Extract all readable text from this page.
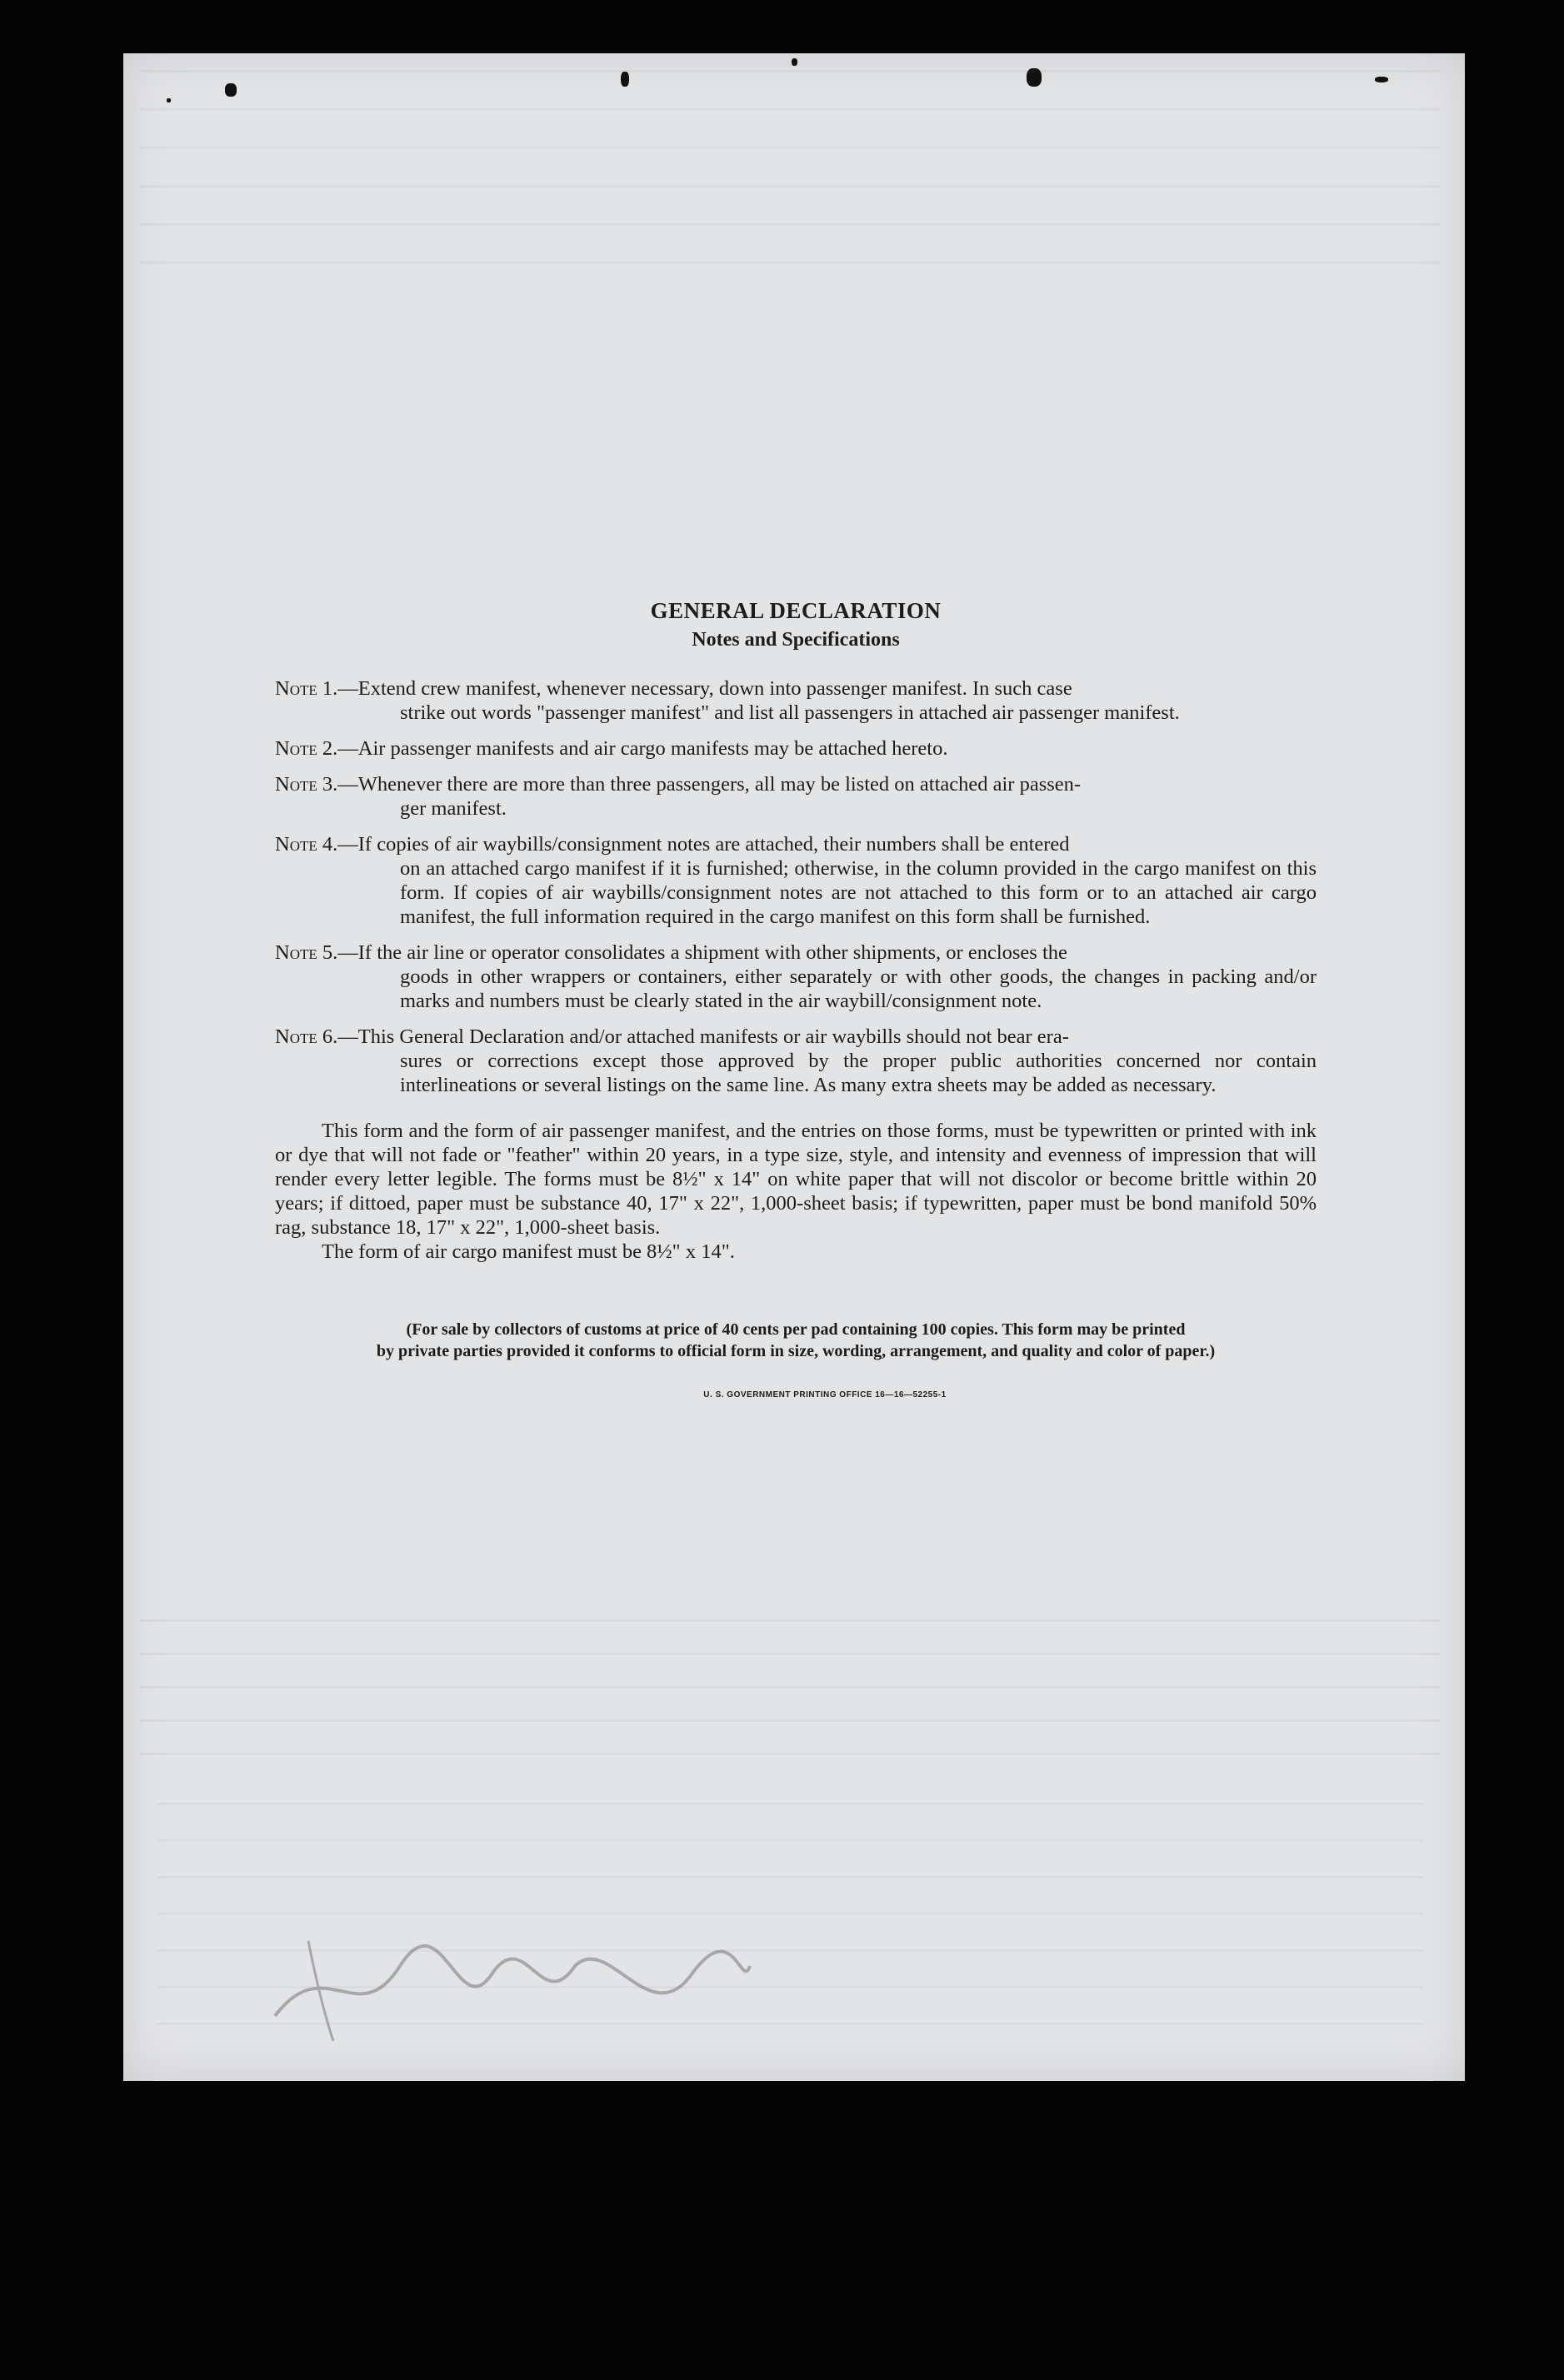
GENERAL DECLARATION
Notes and Specifications
Note 1. —Extend crew manifest, whenever necessary, down into passenger manifest. In such case
strike out words "passenger manifest" and list all passengers in attached air passenger manifest.
Note 2. —Air passenger manifests and air cargo manifests may be attached hereto.
Note 3. —Whenever there are more than three passengers, all may be listed on attached air passen-
ger manifest.
Note 4. —If copies of air waybills/consignment notes are attached, their numbers shall be entered
on an attached cargo manifest if it is furnished; otherwise, in the column provided in the cargo manifest on this form. If copies of air waybills/consignment notes are not attached to this form or to an attached air cargo manifest, the full information required in the cargo manifest on this form shall be furnished.
Note 5. —If the air line or operator consolidates a shipment with other shipments, or encloses the
goods in other wrappers or containers, either separately or with other goods, the changes in packing and/or marks and numbers must be clearly stated in the air waybill/consignment note.
Note 6. —This General Declaration and/or attached manifests or air waybills should not bear era-
sures or corrections except those approved by the proper public authorities concerned nor contain interlineations or several listings on the same line. As many extra sheets may be added as necessary.

This form and the form of air passenger manifest, and the entries on those forms, must be typewritten or printed with ink or dye that will not fade or "feather" within 20 years, in a type size, style, and intensity and evenness of impression that will render every letter legible. The forms must be 8½" x 14" on white paper that will not discolor or become brittle within 20 years; if dittoed, paper must be substance 40, 17" x 22", 1,000-sheet basis; if typewritten, paper must be bond manifold 50% rag, substance 18, 17" x 22", 1,000-sheet basis.

The form of air cargo manifest must be 8½" x 14".

(For sale by collectors of customs at price of 40 cents per pad containing 100 copies. This form may be printed
by private parties provided it conforms to official form in size, wording, arrangement, and quality and color of paper.)
U. S. GOVERNMENT PRINTING OFFICE 16—16—52255-1
